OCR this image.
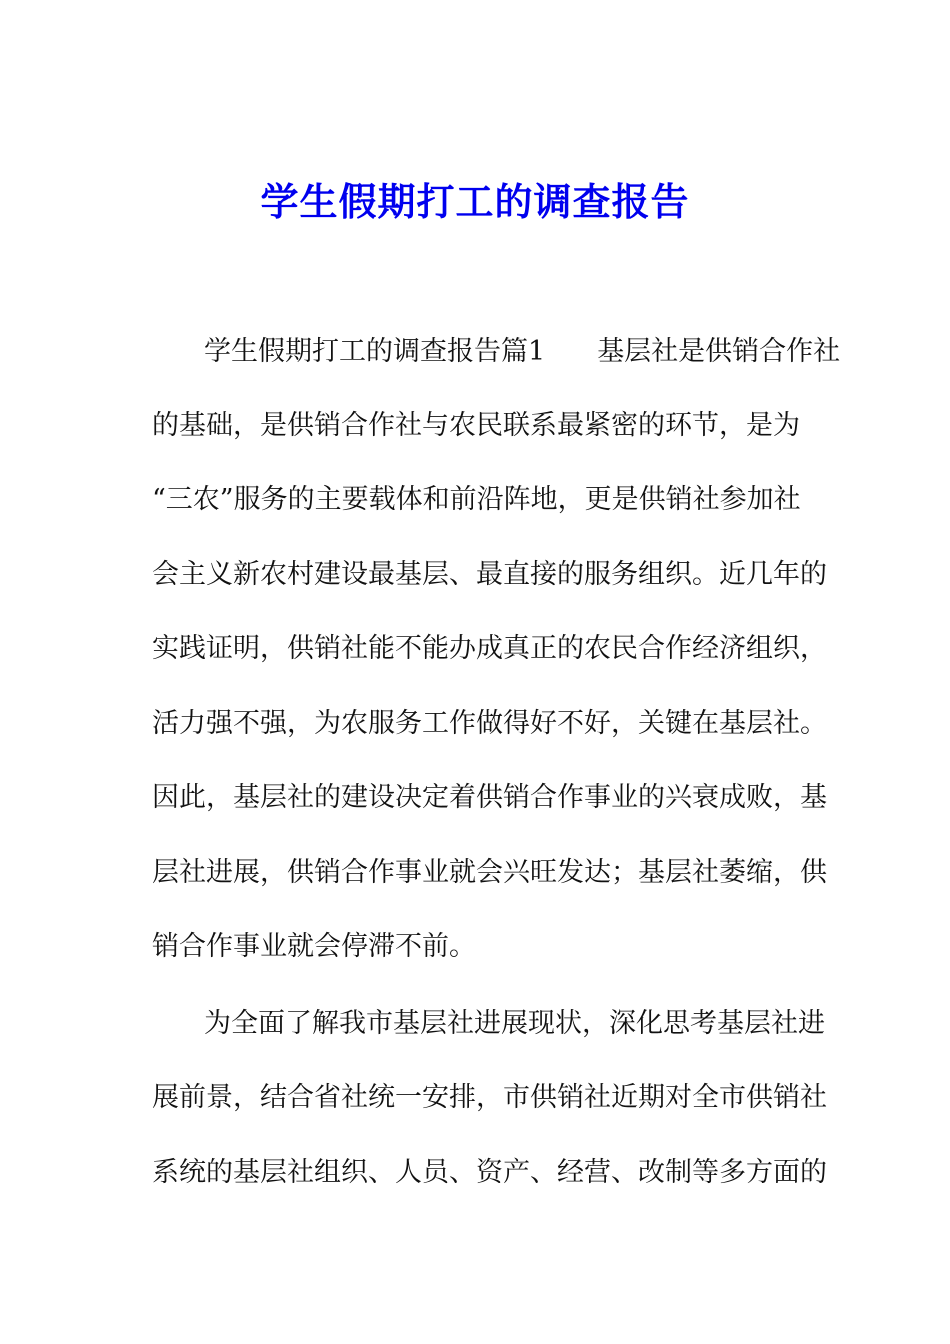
学生假期打工的调查报告
学生假期打工的调查报告篇1 基层社是供销合作社
的基础，是供销合作社与农民联系最紧密的环节，是为
“三农”服务的主要载体和前沿阵地，更是供销社参加社
会主义新农村建设最基层、最直接的服务组织。近几年的
实践证明，供销社能不能办成真正的农民合作经济组织，
活力强不强，为农服务工作做得好不好，关键在基层社。
因此，基层社的建设决定着供销合作事业的兴衰成败，基
层社进展，供销合作事业就会兴旺发达；基层社萎缩，供
销合作事业就会停滞不前。
为全面了解我市基层社进展现状，深化思考基层社进
展前景，结合省社统一安排，市供销社近期对全市供销社
系统的基层社组织、人员、资产、经营、改制等多方面的
